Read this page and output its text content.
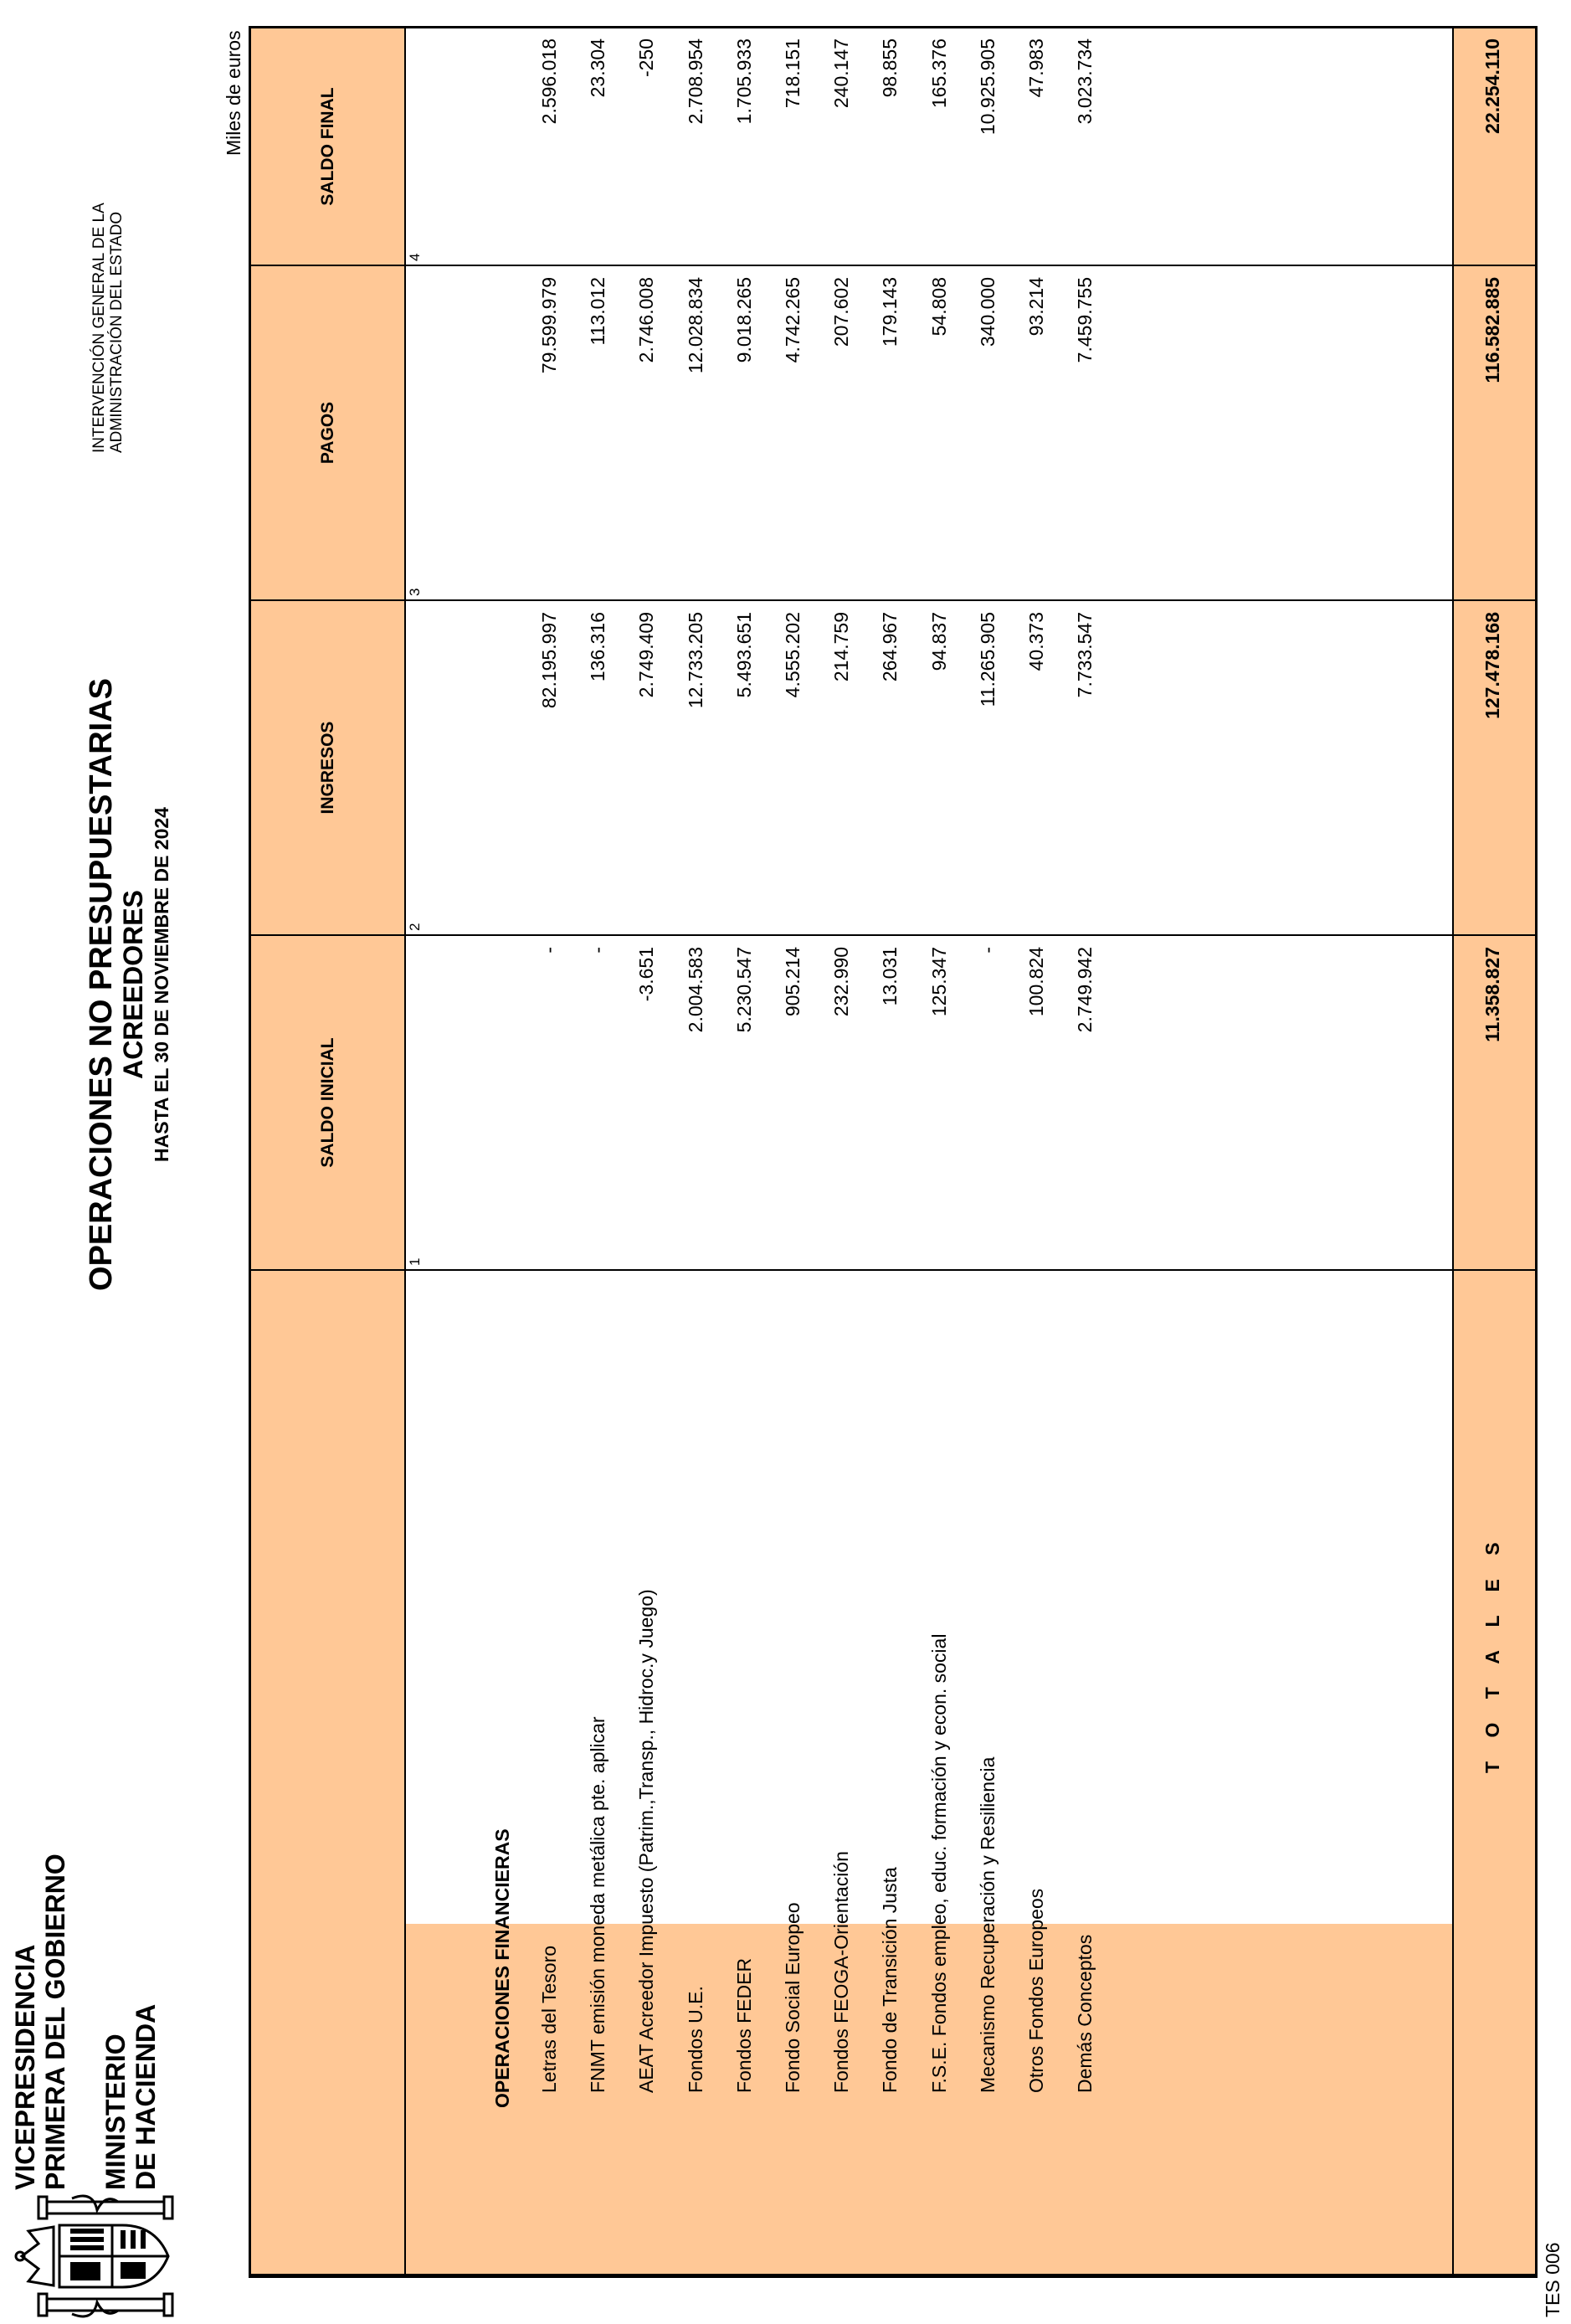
VICEPRESIDENCIA PRIMERA DEL GOBIERNO MINISTERIO DE HACIENDA
OPERACIONES NO PRESUPUESTARIAS ACREEDORES HASTA EL 30 DE NOVIEMBRE DE 2024
INTERVENCIÓN GENERAL DE LA ADMINISTRACIÓN DEL ESTADO
Miles de euros
TES 006
SALDO INICIAL
INGRESOS
PAGOS
SALDO FINAL
1
2
3
4
OPERACIONES FINANCIERAS Letras del Tesoro
-
82.195.997
79.599.979
2.596.018
FNMT emisión moneda metálica pte. aplicar
-
136.316
113.012
23.304
AEAT Acreedor Impuesto (Patrim.,Transp., Hidroc.y Juego)
-3.651
2.749.409
2.746.008
-250
Fondos U.E.
2.004.583
12.733.205
12.028.834
2.708.954
Fondos FEDER
5.230.547
5.493.651
9.018.265
1.705.933
Fondo Social Europeo
905.214
4.555.202
4.742.265
718.151
Fondos FEOGA-Orientación
232.990
214.759
207.602
240.147
Fondo de Transición Justa
13.031
264.967
179.143
98.855
F.S.E. Fondos empleo, educ. formación y econ. social
125.347
94.837
54.808
165.376
Mecanismo Recuperación y Resiliencia
-
11.265.905
340.000
10.925.905
Otros Fondos Europeos
100.824
40.373
93.214
47.983
Demás Conceptos
2.749.942
7.733.547
7.459.755
3.023.734
T O T A L E S
11.358.827
127.478.168
116.582.885
22.254.110
